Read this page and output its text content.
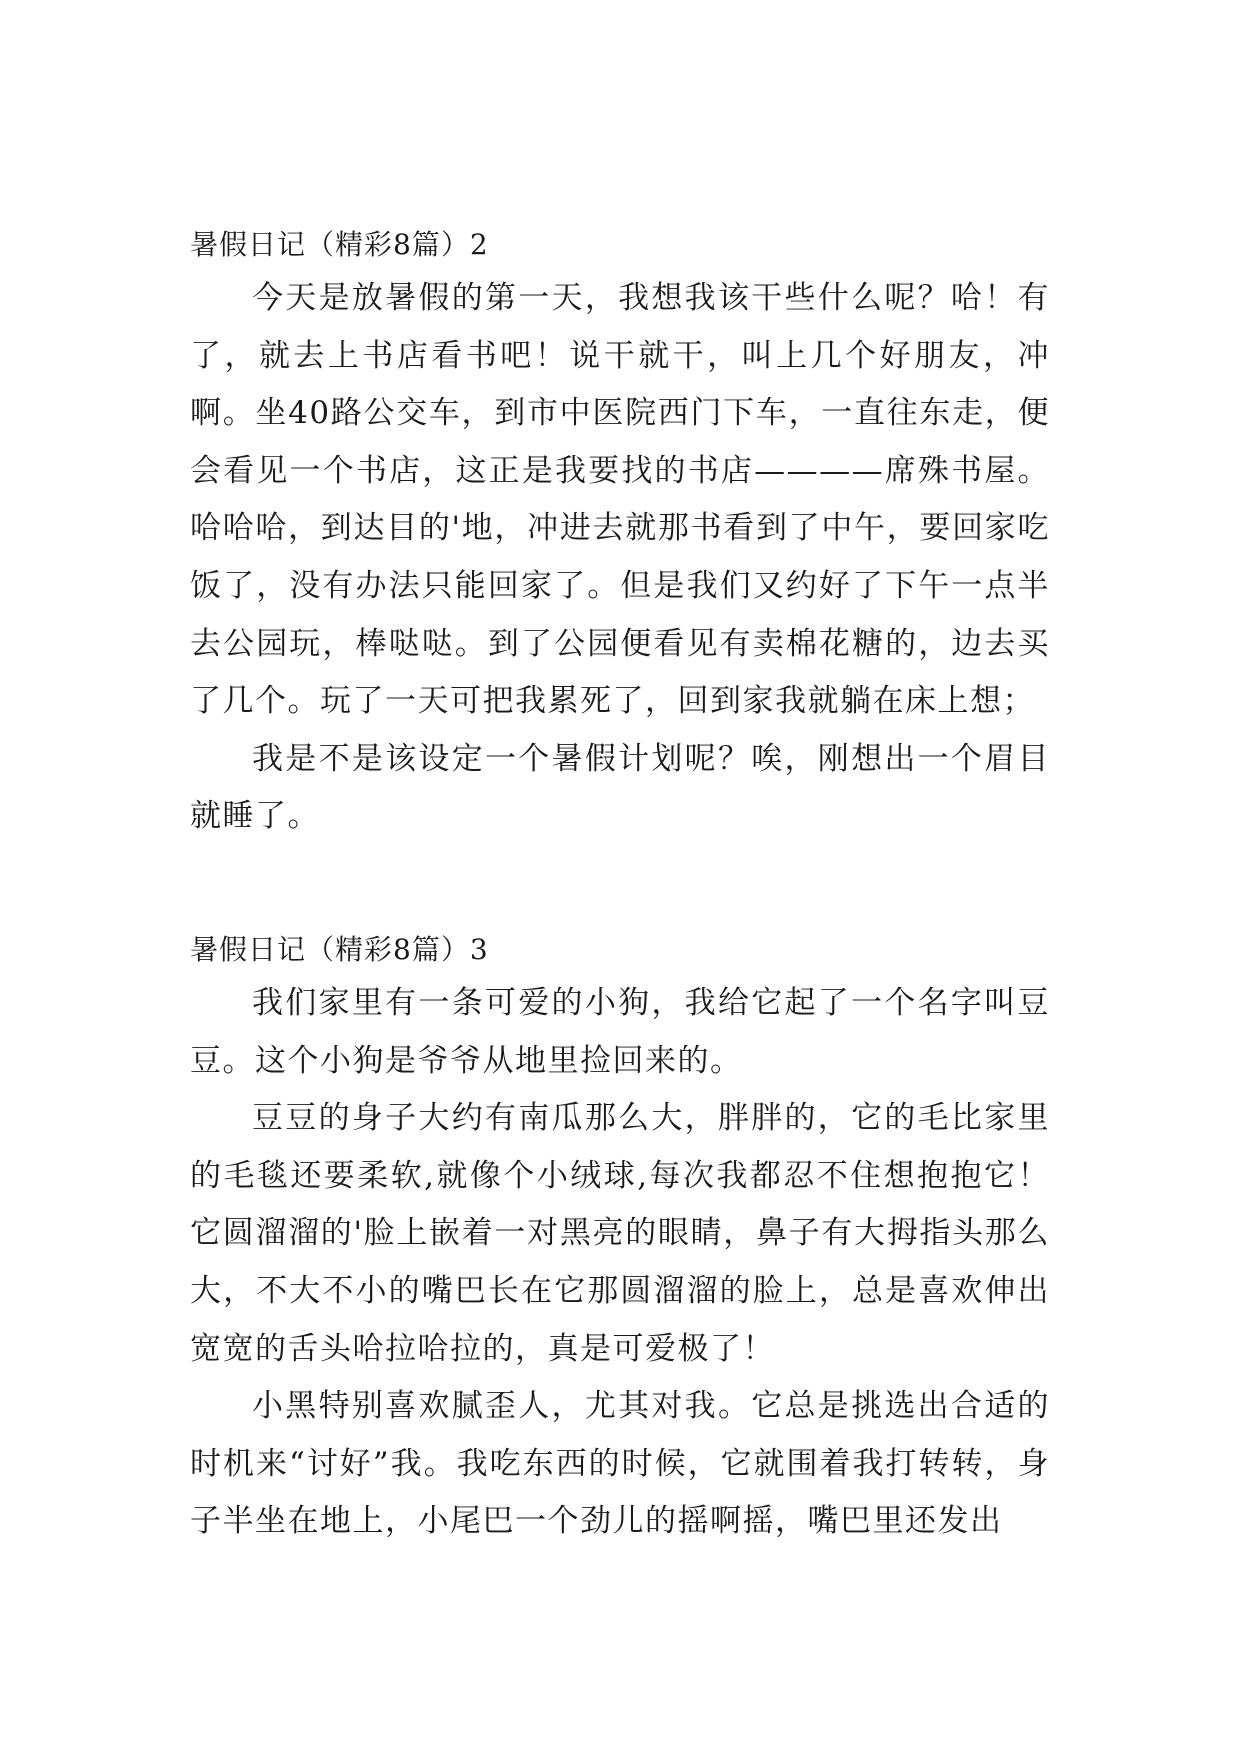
暑假日记（精彩8篇）2

今天是放暑假的第一天，我想我该干些什么呢？哈！有了，就去上书店看书吧！说干就干，叫上几个好朋友，冲啊。坐40路公交车，到市中医院西门下车，一直往东走，便会看见一个书店，这正是我要找的书店————席殊书屋。哈哈哈，到达目的'地，冲进去就那书看到了中午，要回家吃饭了，没有办法只能回家了。但是我们又约好了下午一点半去公园玩，棒哒哒。到了公园便看见有卖棉花糖的，边去买了几个。玩了一天可把我累死了，回到家我就躺在床上想；

我是不是该设定一个暑假计划呢？唉，刚想出一个眉目就睡了。

暑假日记（精彩8篇）3

我们家里有一条可爱的小狗，我给它起了一个名字叫豆豆。这个小狗是爷爷从地里捡回来的。

豆豆的身子大约有南瓜那么大，胖胖的，它的毛比家里的毛毯还要柔软,就像个小绒球,每次我都忍不住想抱抱它！它圆溜溜的'脸上嵌着一对黑亮的眼睛，鼻子有大拇指头那么大，不大不小的嘴巴长在它那圆溜溜的脸上，总是喜欢伸出宽宽的舌头哈拉哈拉的，真是可爱极了！

小黑特别喜欢腻歪人，尤其对我。它总是挑选出合适的时机来“讨好”我。我吃东西的时候，它就围着我打转转，身子半坐在地上，小尾巴一个劲儿的摇啊摇，嘴巴里还发出
